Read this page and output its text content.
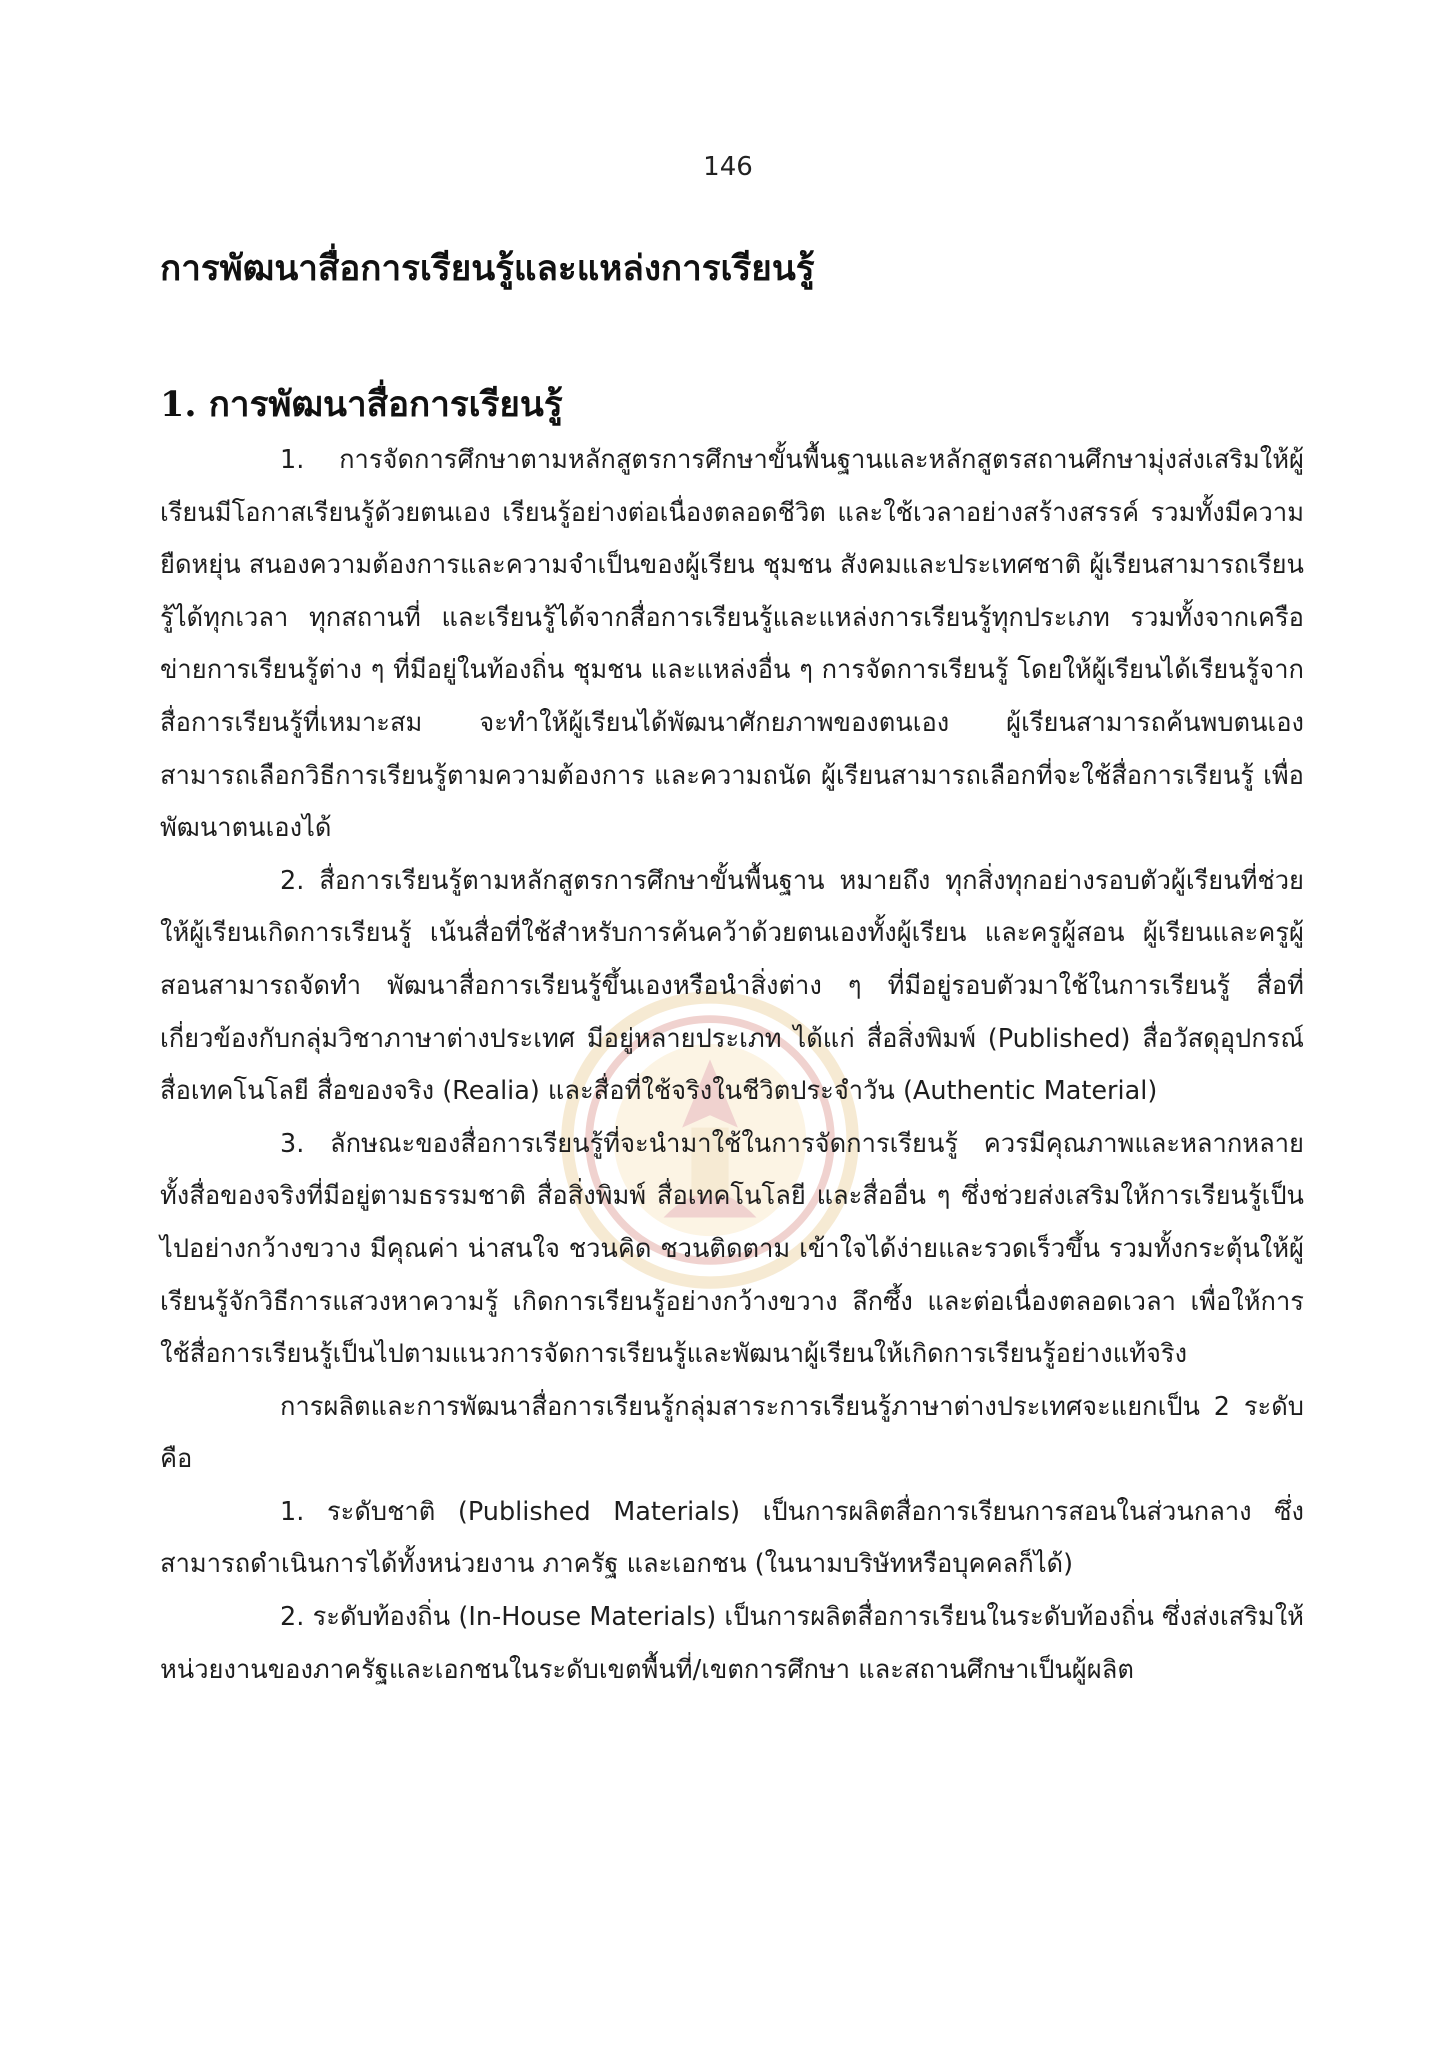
146
การพัฒนาสื่อการเรียนรู้และแหล่งการเรียนรู้
1. การพัฒนาสื่อการเรียนรู้

1. การจัดการศึกษาตามหลักสูตรการศึกษาขั้นพื้นฐานและหลักสูตรสถานศึกษามุ่งส่งเสริมให้ผู้เรียนมีโอกาสเรียนรู้ด้วยตนเอง เรียนรู้อย่างต่อเนื่องตลอดชีวิต และใช้เวลาอย่างสร้างสรรค์ รวมทั้งมีความยืดหยุ่น สนองความต้องการและความจำเป็นของผู้เรียน ชุมชน สังคมและประเทศชาติ ผู้เรียนสามารถเรียนรู้ได้ทุกเวลา ทุกสถานที่ และเรียนรู้ได้จากสื่อการเรียนรู้และแหล่งการเรียนรู้ทุกประเภท รวมทั้งจากเครือข่ายการเรียนรู้ต่าง ๆ ที่มีอยู่ในท้องถิ่น ชุมชน และแหล่งอื่น ๆ การจัดการเรียนรู้ โดยให้ผู้เรียนได้เรียนรู้จากสื่อการเรียนรู้ที่เหมาะสม จะทำให้ผู้เรียนได้พัฒนาศักยภาพของตนเอง ผู้เรียนสามารถค้นพบตนเอง สามารถเลือกวิธีการเรียนรู้ตามความต้องการ และความถนัด ผู้เรียนสามารถเลือกที่จะใช้สื่อการเรียนรู้ เพื่อพัฒนาตนเองได้

2. สื่อการเรียนรู้ตามหลักสูตรการศึกษาขั้นพื้นฐาน หมายถึง ทุกสิ่งทุกอย่างรอบตัวผู้เรียนที่ช่วยให้ผู้เรียนเกิดการเรียนรู้ เน้นสื่อที่ใช้สำหรับการค้นคว้าด้วยตนเองทั้งผู้เรียน และครูผู้สอน ผู้เรียนและครูผู้สอนสามารถจัดทำ พัฒนาสื่อการเรียนรู้ขึ้นเองหรือนำสิ่งต่าง ๆ ที่มีอยู่รอบตัวมาใช้ในการเรียนรู้ สื่อที่เกี่ยวข้องกับกลุ่มวิชาภาษาต่างประเทศ มีอยู่หลายประเภท ได้แก่ สื่อสิ่งพิมพ์ (Published) สื่อวัสดุอุปกรณ์ สื่อเทคโนโลยี สื่อของจริง (Realia) และสื่อที่ใช้จริงในชีวิตประจำวัน (Authentic Material)

3. ลักษณะของสื่อการเรียนรู้ที่จะนำมาใช้ในการจัดการเรียนรู้ ควรมีคุณภาพและหลากหลาย ทั้งสื่อของจริงที่มีอยู่ตามธรรมชาติ สื่อสิ่งพิมพ์ สื่อเทคโนโลยี และสื่ออื่น ๆ ซึ่งช่วยส่งเสริมให้การเรียนรู้เป็นไปอย่างกว้างขวาง มีคุณค่า น่าสนใจ ชวนคิด ชวนติดตาม เข้าใจได้ง่ายและรวดเร็วขึ้น รวมทั้งกระตุ้นให้ผู้เรียนรู้จักวิธีการแสวงหาความรู้ เกิดการเรียนรู้อย่างกว้างขวาง ลึกซึ้ง และต่อเนื่องตลอดเวลา เพื่อให้การใช้สื่อการเรียนรู้เป็นไปตามแนวการจัดการเรียนรู้และพัฒนาผู้เรียนให้เกิดการเรียนรู้อย่างแท้จริง

การผลิตและการพัฒนาสื่อการเรียนรู้กลุ่มสาระการเรียนรู้ภาษาต่างประเทศจะแยกเป็น 2 ระดับ คือ

1. ระดับชาติ (Published Materials) เป็นการผลิตสื่อการเรียนการสอนในส่วนกลาง ซึ่งสามารถดำเนินการได้ทั้งหน่วยงาน ภาครัฐ และเอกชน (ในนามบริษัทหรือบุคคลก็ได้)

2. ระดับท้องถิ่น (In-House Materials) เป็นการผลิตสื่อการเรียนในระดับท้องถิ่น ซึ่งส่งเสริมให้หน่วยงานของภาครัฐและเอกชนในระดับเขตพื้นที่/เขตการศึกษา และสถานศึกษาเป็นผู้ผลิต
